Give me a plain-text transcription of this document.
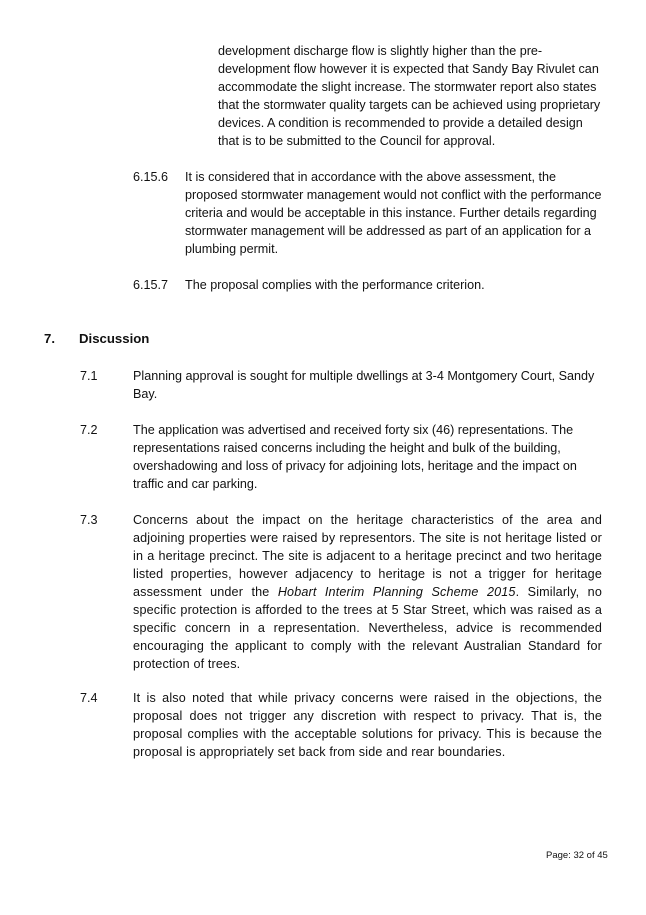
development discharge flow is slightly higher than the pre-development flow however it is expected that Sandy Bay Rivulet can accommodate the slight increase. The stormwater report also states that the stormwater quality targets can be achieved using proprietary devices. A condition is recommended to provide a detailed design that is to be submitted to the Council for approval.

6.15.6 It is considered that in accordance with the above assessment, the proposed stormwater management would not conflict with the performance criteria and would be acceptable in this instance. Further details regarding stormwater management will be addressed as part of an application for a plumbing permit.

6.15.7 The proposal complies with the performance criterion.

7. Discussion
7.1	Planning approval is sought for multiple dwellings at 3-4 Montgomery Court, Sandy Bay.

7.2	The application was advertised and received forty six (46) representations. The representations raised concerns including the height and bulk of the building, overshadowing and loss of privacy for adjoining lots, heritage and the impact on traffic and car parking.

7.3	Concerns about the impact on the heritage characteristics of the area and adjoining properties were raised by representors. The site is not heritage listed or in a heritage precinct. The site is adjacent to a heritage precinct and two heritage listed properties, however adjacency to heritage is not a trigger for heritage assessment under the Hobart Interim Planning Scheme 2015. Similarly, no specific protection is afforded to the trees at 5 Star Street, which was raised as a specific concern in a representation. Nevertheless, advice is recommended encouraging the applicant to comply with the relevant Australian Standard for protection of trees.

7.4	It is also noted that while privacy concerns were raised in the objections, the proposal does not trigger any discretion with respect to privacy. That is, the proposal complies with the acceptable solutions for privacy. This is because the proposal is appropriately set back from side and rear boundaries.

Page: 32 of 45
